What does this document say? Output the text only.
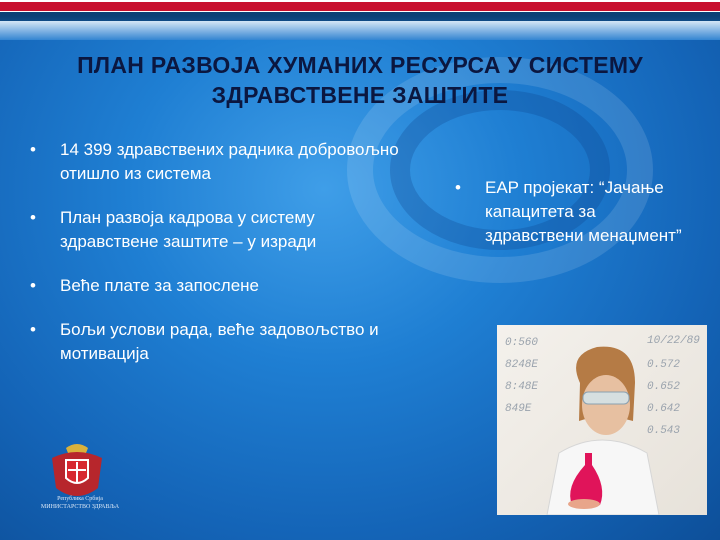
ПЛАН РАЗВОЈА ХУМАНИХ РЕСУРСА У СИСТЕМУ ЗДРАВСТВЕНЕ ЗАШТИТЕ
• 14 399 здравствених радника добровољно отишло из система
• План развоја кадрова у систему здравствене заштите – у изради
• Веће плате за запослене
• Бољи услови рада, веће задовољство и мотивација
• EAP пројекат: “Јачање капацитета за здравствени менаџмент”
0:560
8248E
8:48E
849E
0.572
0.652
0.642
0.543
10/22/89
Република Србија
МИНИСТАРСТВО ЗДРАВЉА
